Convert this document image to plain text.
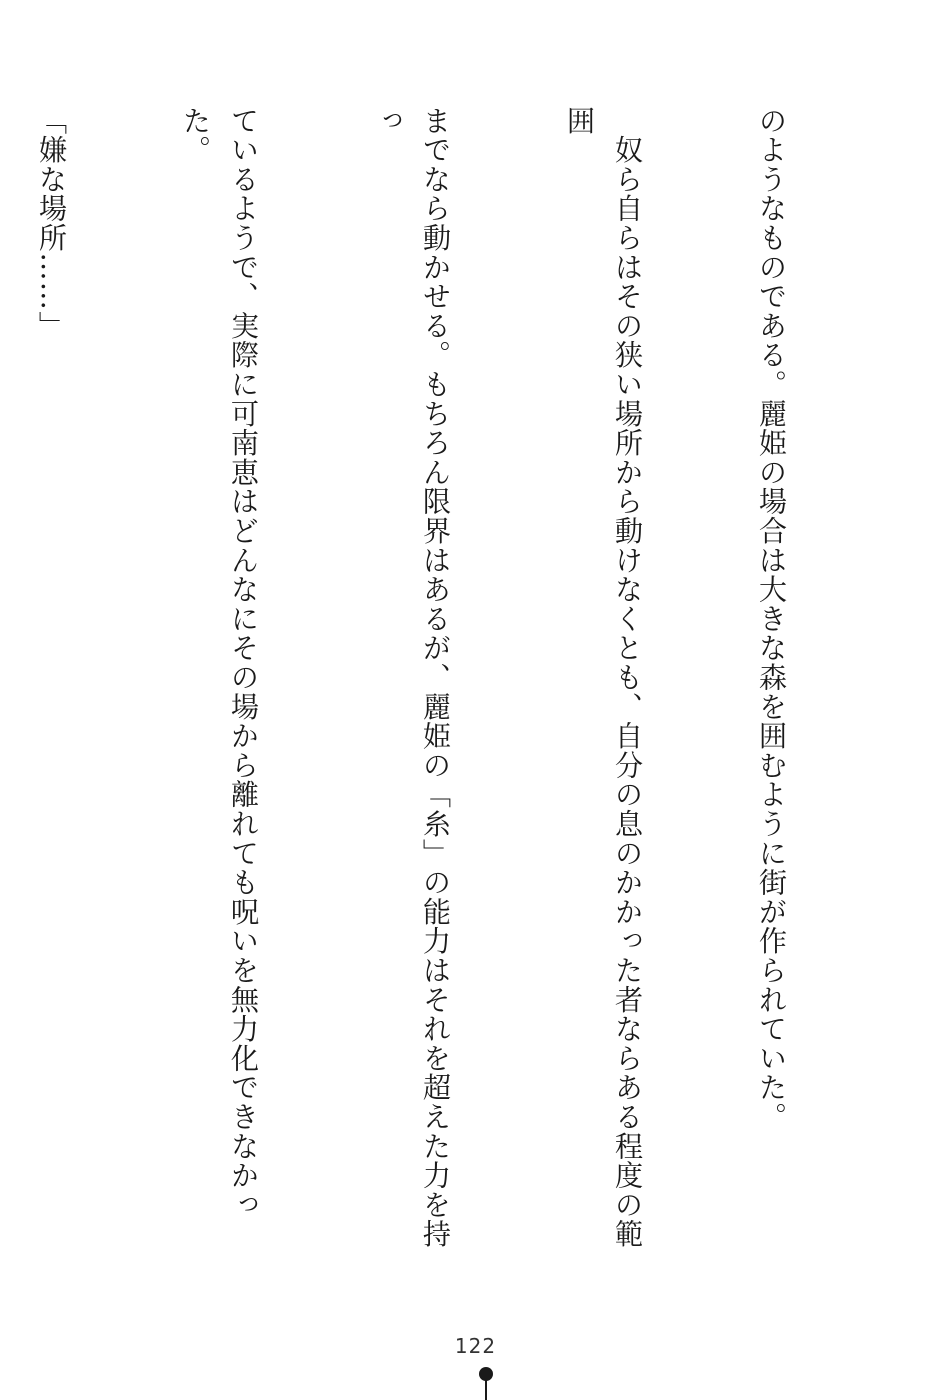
のようなものである。麗姫の場合は大きな森を囲むように街が作られていた。

　奴ら自らはその狭い場所から動けなくとも、自分の息のかかった者ならある程度の範囲

までなら動かせる。もちろん限界はあるが、麗姫の「糸」の能力はそれを超えた力を持っ

ているようで、実際に可南恵はどんなにその場から離れても呪いを無力化できなかった。

「嫌な場所……」

122
